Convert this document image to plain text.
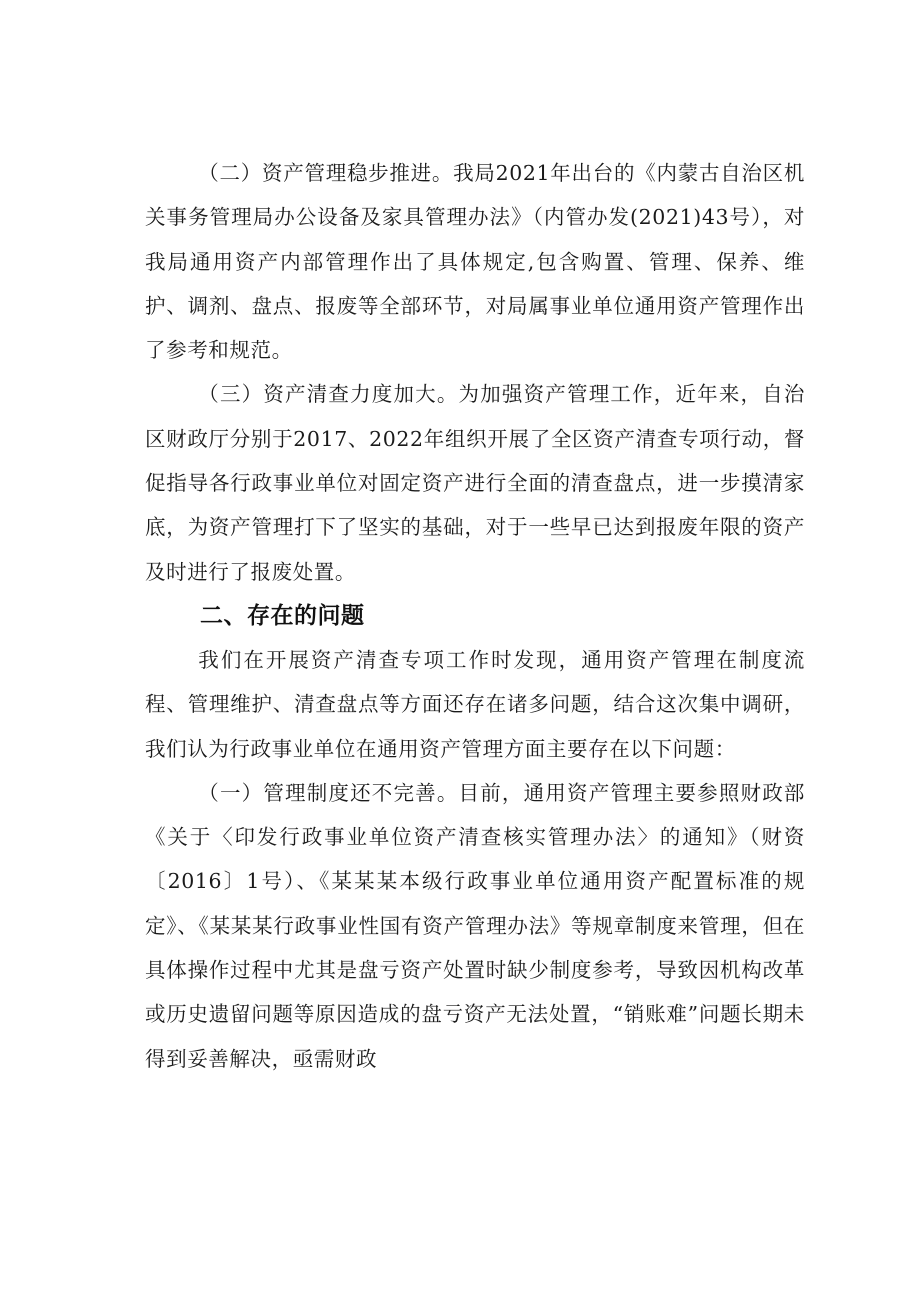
（二）资产管理稳步推进。我局2021年出台的《内蒙古自治区机关事务管理局办公设备及家具管理办法》（内管办发(2021)43号），对我局通用资产内部管理作出了具体规定,包含购置、管理、保养、维护、调剂、盘点、报废等全部环节，对局属事业单位通用资产管理作出了参考和规范。

（三）资产清查力度加大。为加强资产管理工作，近年来，自治区财政厅分别于2017、2022年组织开展了全区资产清查专项行动，督促指导各行政事业单位对固定资产进行全面的清查盘点，进一步摸清家底，为资产管理打下了坚实的基础，对于一些早已达到报废年限的资产及时进行了报废处置。

二、存在的问题

我们在开展资产清查专项工作时发现，通用资产管理在制度流程、管理维护、清查盘点等方面还存在诸多问题，结合这次集中调研，我们认为行政事业单位在通用资产管理方面主要存在以下问题：

（一）管理制度还不完善。目前，通用资产管理主要参照财政部《关于〈印发行政事业单位资产清查核实管理办法〉的通知》（财资〔2016〕1号）、《某某某本级行政事业单位通用资产配置标准的规定》、《某某某行政事业性国有资产管理办法》等规章制度来管理，但在具体操作过程中尤其是盘亏资产处置时缺少制度参考，导致因机构改革或历史遗留问题等原因造成的盘亏资产无法处置，“销账难”问题长期未得到妥善解决，亟需财政
